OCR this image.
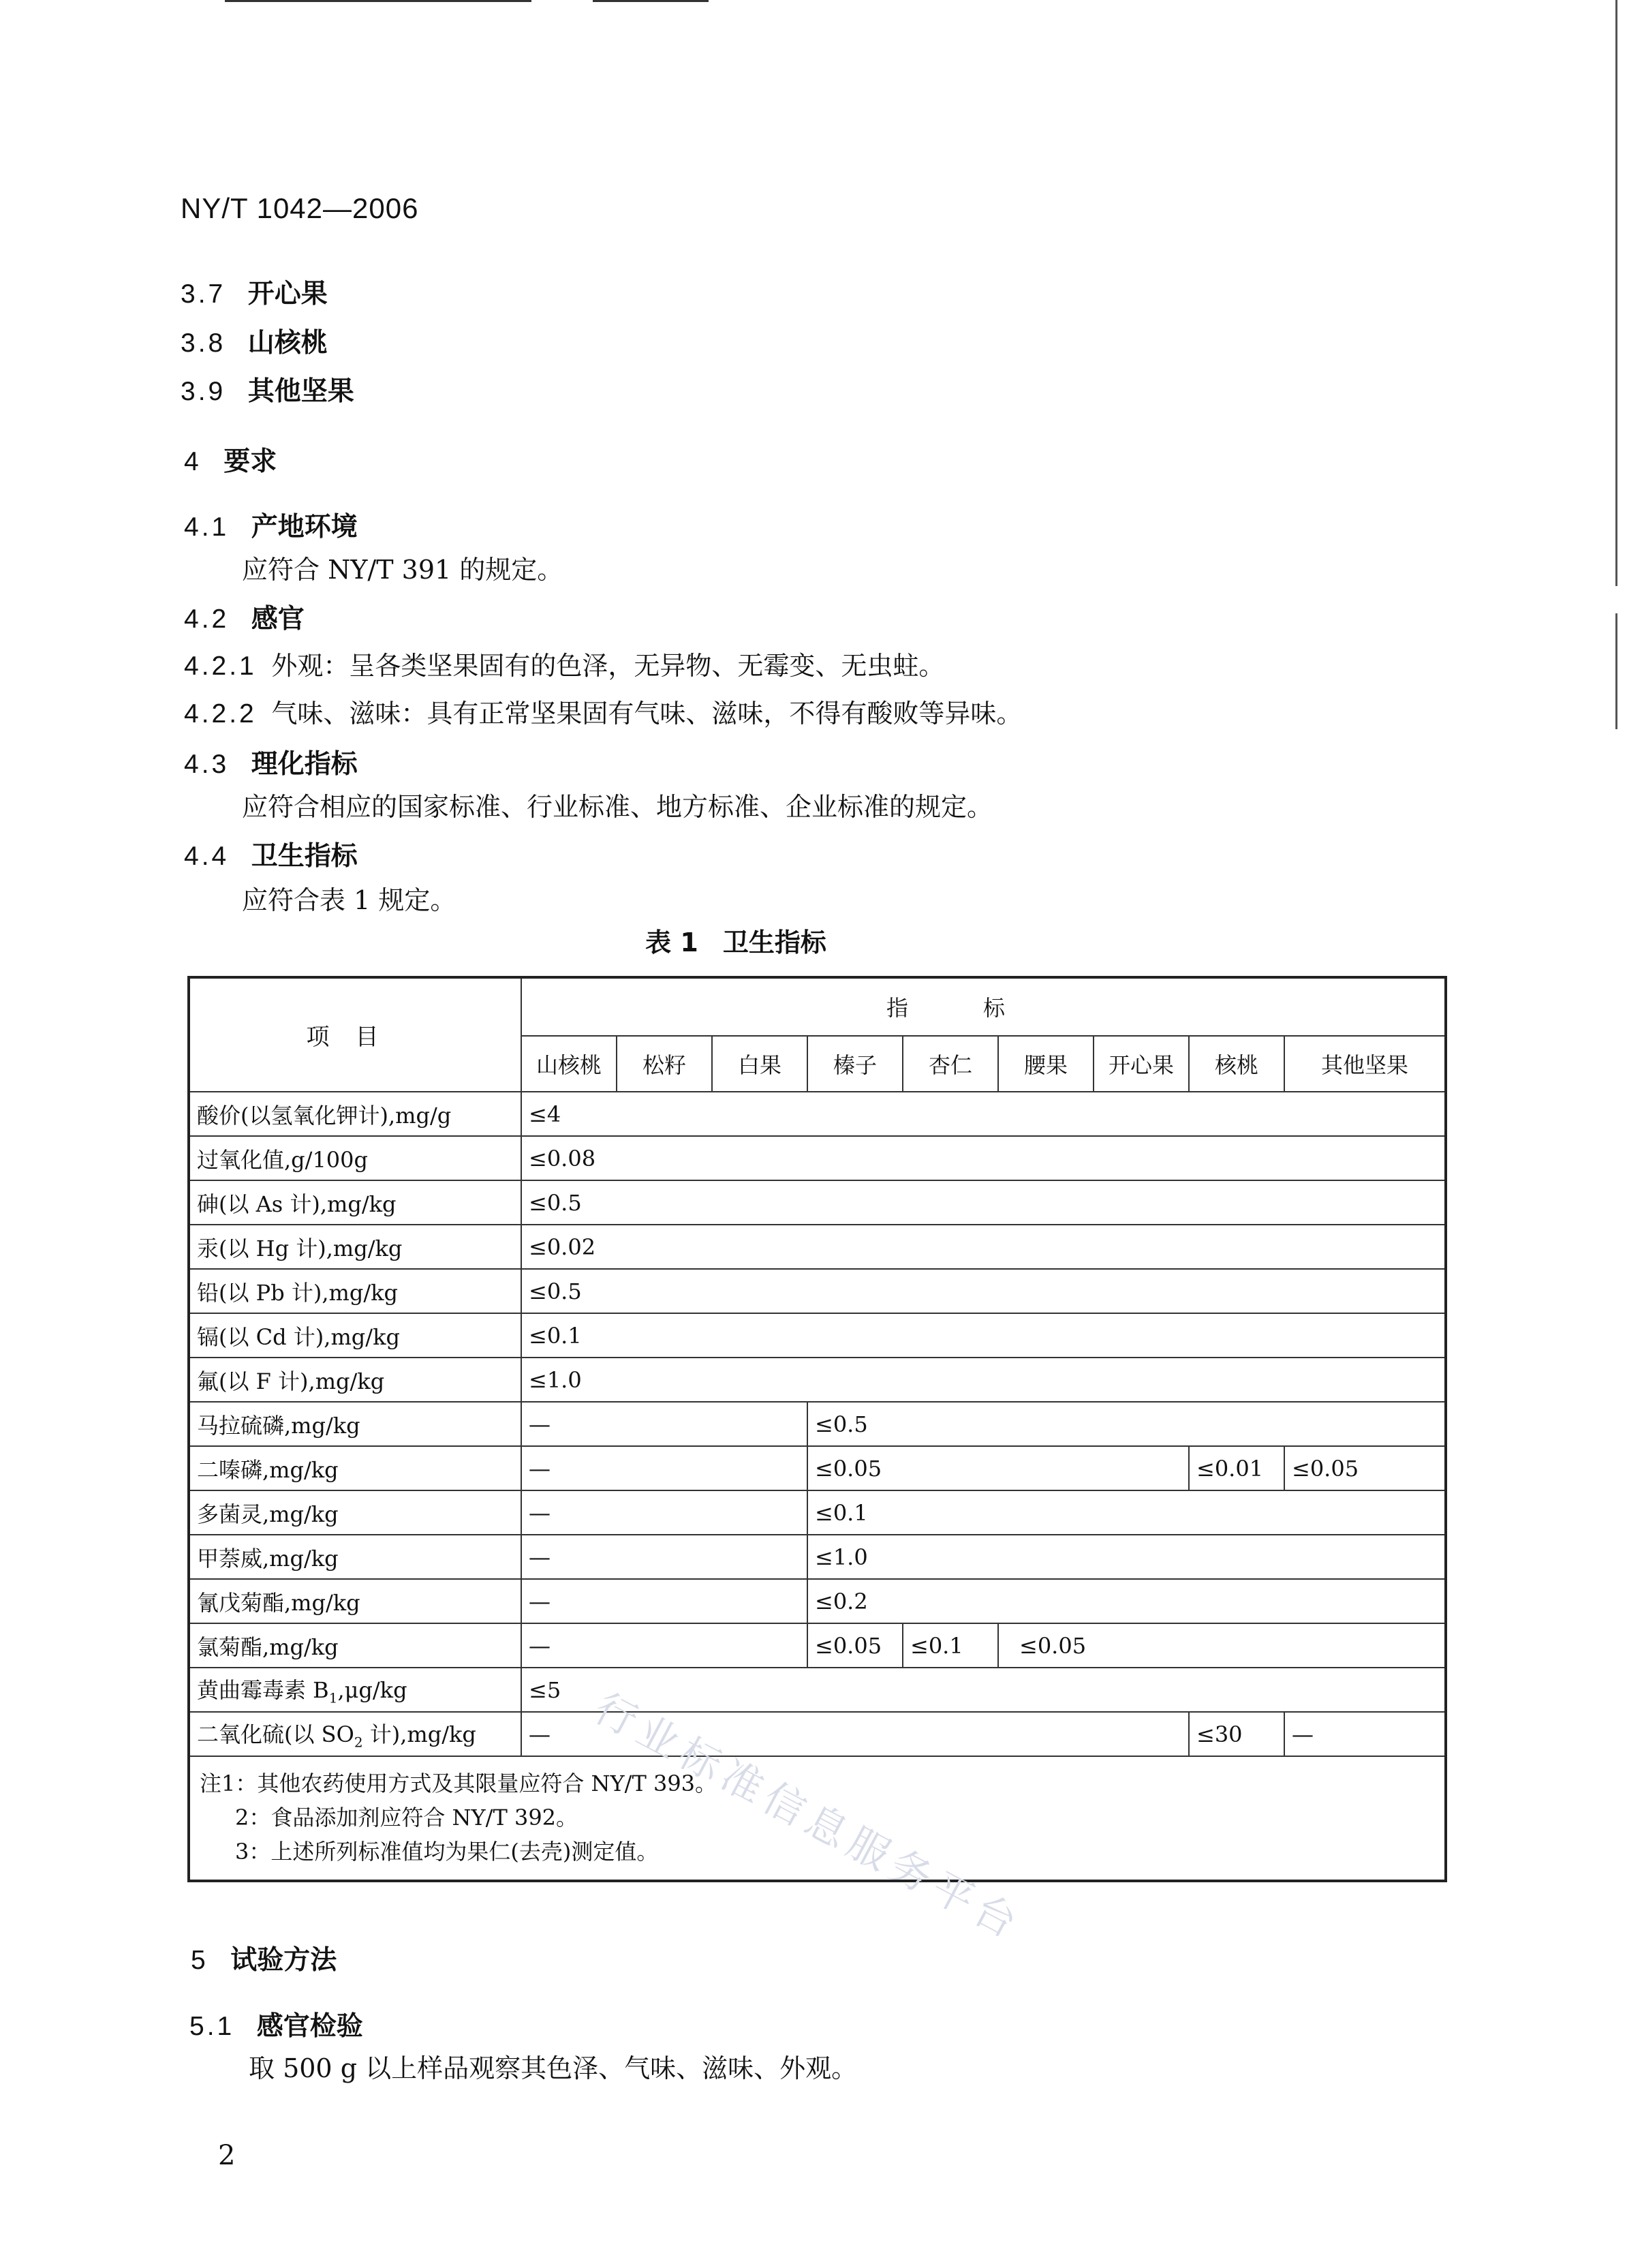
NY/T 1042—2006
3.7 开心果
3.8 山核桃
3.9 其他坚果
4 要求
4.1 产地环境
应符合 NY/T 391 的规定。
4.2 感官
4.2.1 外观：呈各类坚果固有的色泽，无异物、无霉变、无虫蛀。
4.2.2 气味、滋味：具有正常坚果固有气味、滋味，不得有酸败等异味。
4.3 理化指标
应符合相应的国家标准、行业标准、地方标准、企业标准的规定。
4.4 卫生指标
应符合表 1 规定。
表 1 卫生指标
项目	指标								
	山核桃	松籽	白果	榛子	杏仁	腰果	开心果	核桃	其他坚果
酸价(以氢氧化钾计),mg/g	≤4								
过氧化值,g/100g	≤0.08								
砷(以 As 计),mg/kg	≤0.5								
汞(以 Hg 计),mg/kg	≤0.02								
铅(以 Pb 计),mg/kg	≤0.5								
镉(以 Cd 计),mg/kg	≤0.1								
氟(以 F 计),mg/kg	≤1.0								
马拉硫磷,mg/kg	—			≤0.5					
二嗪磷,mg/kg	—			≤0.05				≤0.01	≤0.05
多菌灵,mg/kg	—			≤0.1					
甲萘威,mg/kg	—			≤1.0					
氰戊菊酯,mg/kg	—			≤0.2					
氯菊酯,mg/kg	—			≤0.05	≤0.1	≤0.05			
黄曲霉毒素 $B_1,\mu g/kg$	≤5								
二氧化硫(以 $SO_2$ 计),mg/kg	—							≤30	—

注1：其他农药使用方式及其限量应符合 NY/T 393。
2：食品添加剂应符合 NY/T 392。
3：上述所列标准值均为果仁(去壳)测定值。									
行业标准信息服务平台
5 试验方法
5.1 感官检验
取 500 g 以上样品观察其色泽、气味、滋味、外观。
2
